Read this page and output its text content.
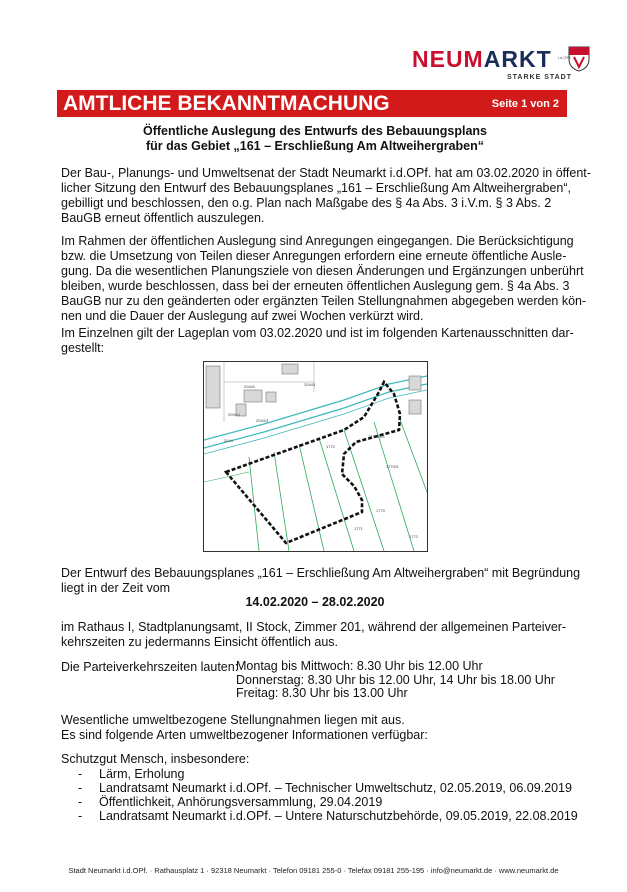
NEUMARKT
STARKE STADT
i.d.OPf.
AMTLICHE BEKANNTMACHUNG	Seite 1 von 2
Öffentliche Auslegung des Entwurfs des Bebauungsplans
für das Gebiet „161 – Erschließung Am Altweihergraben“
Der Bau-, Planungs- und Umweltsenat der Stadt Neumarkt i.d.OPf. hat am 03.02.2020 in öffent-
licher Sitzung den Entwurf des Bebauungsplanes „161 – Erschließung Am Altweihergraben“,
gebilligt und beschlossen, den o.g. Plan nach Maßgabe des § 4a Abs. 3 i.V.m. § 3 Abs. 2
BauGB erneut öffentlich auszulegen.
Im Rahmen der öffentlichen Auslegung sind Anregungen eingegangen. Die Berücksichtigung
bzw. die Umsetzung von Teilen dieser Anregungen erfordern eine erneute öffentliche Ausle-
gung. Da die wesentlichen Planungsziele von diesen Änderungen und Ergänzungen unberührt
bleiben, wurde beschlossen, dass bei der erneuten öffentlichen Auslegung gem. § 4a Abs. 3
BauGB nur zu den geänderten oder ergänzten Teilen Stellungnahmen abgegeben werden kön-
nen und die Dauer der Auslegung auf zwei Wochen verkürzt wird.
Im Einzelnen gilt der Lageplan vom 03.02.2020 und ist im folgenden Kartenausschnitten dar-
gestellt:
20441	20443
2094/1
2044/3
2044
1770
1770/104
1770/3
1770
1771
1772
Der Entwurf des Bebauungsplanes „161 – Erschließung Am Altweihergraben“ mit Begründung
liegt in der Zeit vom
14.02.2020 – 28.02.2020
im Rathaus I, Stadtplanungsamt, II Stock, Zimmer 201, während der allgemeinen Parteiver-
kehrszeiten zu jedermanns Einsicht öffentlich aus.
Die Parteiverkehrszeiten lauten:
Montag bis Mittwoch: 8.30 Uhr bis 12.00 Uhr
Donnerstag: 8.30 Uhr bis 12.00 Uhr, 14 Uhr bis 18.00 Uhr
Freitag: 8.30 Uhr bis 13.00 Uhr
Wesentliche umweltbezogene Stellungnahmen liegen mit aus.
Es sind folgende Arten umweltbezogener Informationen verfügbar:
Schutzgut Mensch, insbesondere:
- Lärm, Erholung
- Landratsamt Neumarkt i.d.OPf. – Technischer Umweltschutz, 02.05.2019, 06.09.2019
- Öffentlichkeit, Anhörungsversammlung, 29.04.2019
- Landratsamt Neumarkt i.d.OPf. – Untere Naturschutzbehörde, 09.05.2019, 22.08.2019
Stadt Neumarkt i.d.OPf. · Rathausplatz 1 · 92318 Neumarkt · Telefon 09181 255-0 · Telefax 09181 255-195 · info@neumarkt.de · www.neumarkt.de
